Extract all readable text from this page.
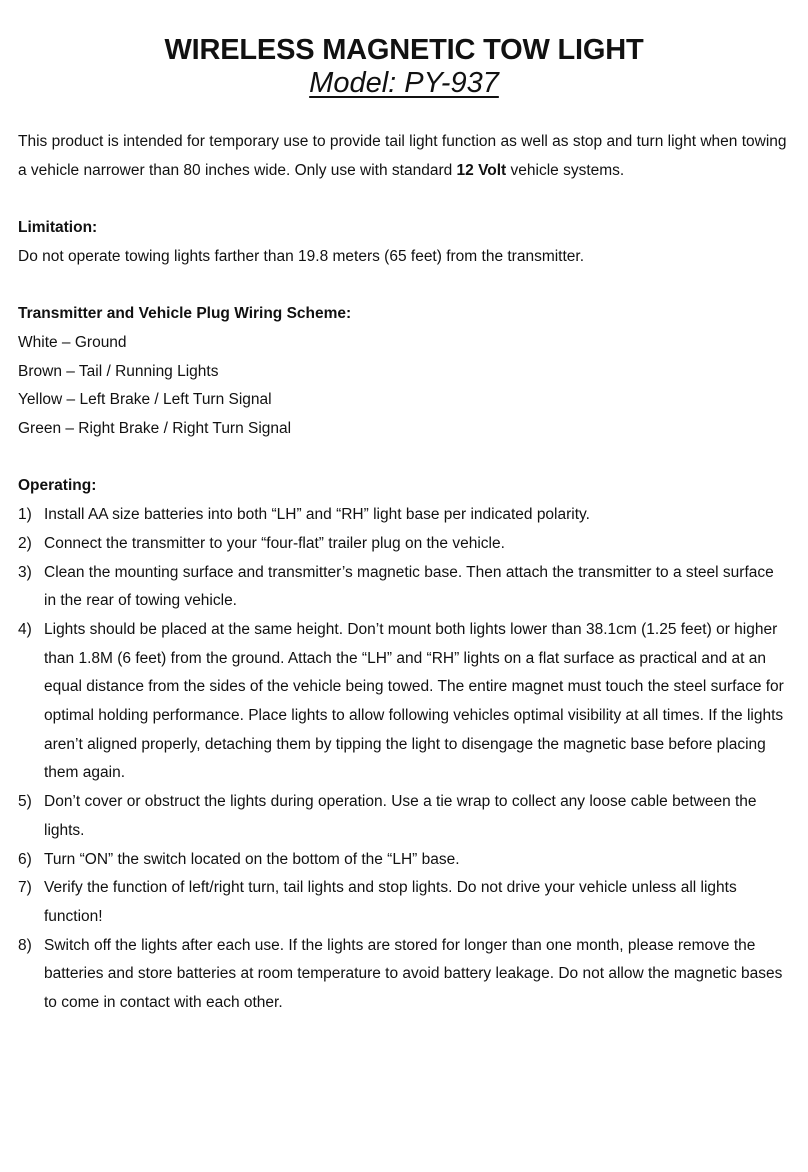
WIRELESS MAGNETIC TOW LIGHT
Model: PY-937

This product is intended for temporary use to provide tail light function as well as stop and turn light when towing a vehicle narrower than 80 inches wide. Only use with standard 12 Volt vehicle systems.

Limitation:
Do not operate towing lights farther than 19.8 meters (65 feet) from the transmitter.
Transmitter and Vehicle Plug Wiring Scheme:
White – Ground
Brown – Tail / Running Lights
Yellow – Left Brake / Left Turn Signal
Green – Right Brake / Right Turn Signal
Operating:
1) Install AA size batteries into both “LH” and “RH” light base per indicated polarity.
2) Connect the transmitter to your “four-flat” trailer plug on the vehicle.
3) Clean the mounting surface and transmitter’s magnetic base. Then attach the transmitter to a steel surface in the rear of towing vehicle.
4) Lights should be placed at the same height. Don’t mount both lights lower than 38.1cm (1.25 feet) or higher than 1.8M (6 feet) from the ground. Attach the “LH” and “RH” lights on a flat surface as practical and at an equal distance from the sides of the vehicle being towed. The entire magnet must touch the steel surface for optimal holding performance. Place lights to allow following vehicles optimal visibility at all times. If the lights aren’t aligned properly, detaching them by tipping the light to disengage the magnetic base before placing them again.
5) Don’t cover or obstruct the lights during operation. Use a tie wrap to collect any loose cable between the lights.
6) Turn “ON” the switch located on the bottom of the “LH” base.
7) Verify the function of left/right turn, tail lights and stop lights. Do not drive your vehicle unless all lights function!
8) Switch off the lights after each use. If the lights are stored for longer than one month, please remove the batteries and store batteries at room temperature to avoid battery leakage. Do not allow the magnetic bases to come in contact with each other.
